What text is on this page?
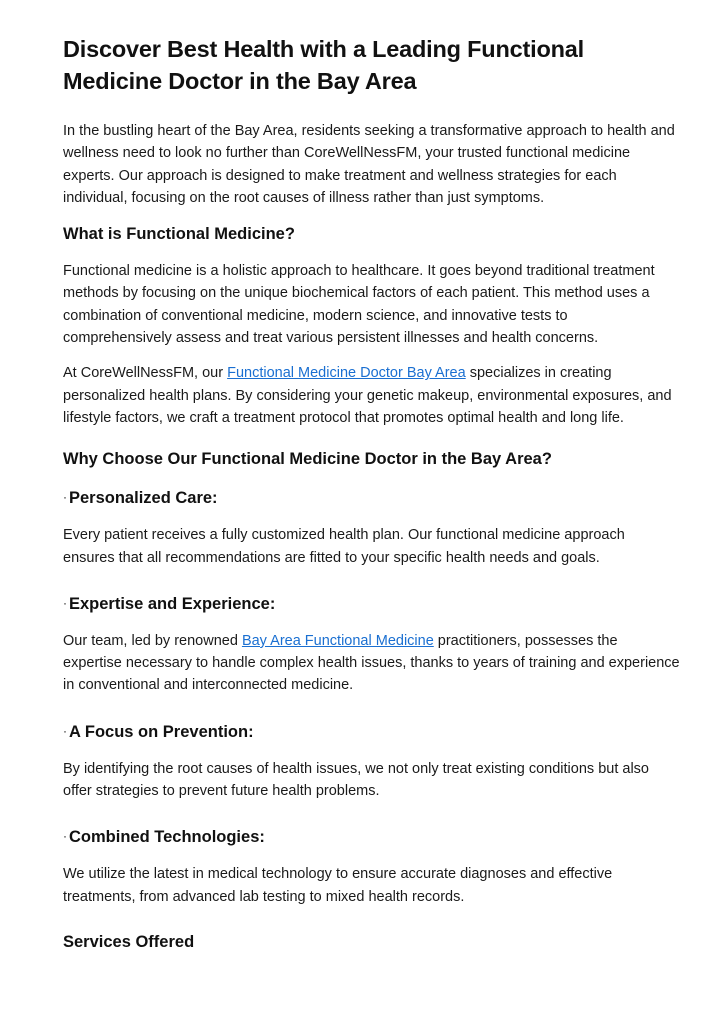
Discover Best Health with a Leading Functional Medicine Doctor in the Bay Area

In the bustling heart of the Bay Area, residents seeking a transformative approach to health and wellness need to look no further than CoreWellNessFM, your trusted functional medicine experts. Our approach is designed to make treatment and wellness strategies for each individual, focusing on the root causes of illness rather than just symptoms.

What is Functional Medicine?

Functional medicine is a holistic approach to healthcare. It goes beyond traditional treatment methods by focusing on the unique biochemical factors of each patient. This method uses a combination of conventional medicine, modern science, and innovative tests to comprehensively assess and treat various persistent illnesses and health concerns.

At CoreWellNessFM, our Functional Medicine Doctor Bay Area specializes in creating personalized health plans. By considering your genetic makeup, environmental exposures, and lifestyle factors, we craft a treatment protocol that promotes optimal health and long life.

Why Choose Our Functional Medicine Doctor in the Bay Area?
· Personalized Care:

Every patient receives a fully customized health plan. Our functional medicine approach ensures that all recommendations are fitted to your specific health needs and goals.

· Expertise and Experience:

Our team, led by renowned Bay Area Functional Medicine practitioners, possesses the expertise necessary to handle complex health issues, thanks to years of training and experience in conventional and interconnected medicine.

· A Focus on Prevention:

By identifying the root causes of health issues, we not only treat existing conditions but also offer strategies to prevent future health problems.

· Combined Technologies:

We utilize the latest in medical technology to ensure accurate diagnoses and effective treatments, from advanced lab testing to mixed health records.

Services Offered
